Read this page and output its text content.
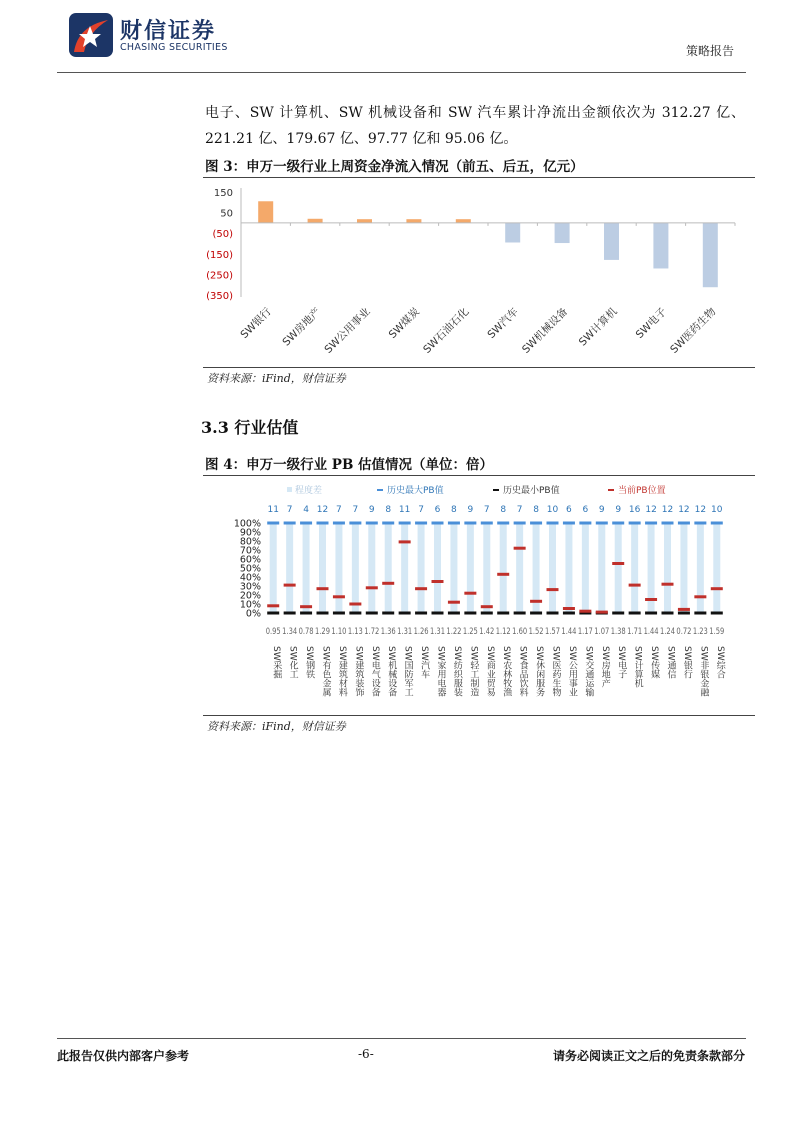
财信证券
CHASING SECURITIES	策略报告
电子、SW 计算机、SW 机械设备和 SW 汽车累计净流出金额依次为 312.27 亿、221.21 亿、179.67 亿、97.77 亿和 95.06 亿。
图 3：申万一级行业上周资金净流入情况（前五、后五，亿元）
150
50
(50)
(150)
(250)
(350)
SW银行 SW房地产 SW公用事业 SW煤炭 SW石油石化 SW汽车 SW机械设备 SW计算机 SW电子 SW医药生物
资料来源：iFind，财信证券
3.3 行业估值
图 4：申万一级行业 PB 估值情况（单位：倍）
程度差	历史最大PB值	历史最小PB值	当前PB位置
100%
90%
80%
70%
60%
50%
40%
30%
20%
10%
0%
11
0.95
SW采掘
7
1.34
SW化工
4
0.78
SW钢铁
12
1.29
SW有色金属
7
1.10
SW建筑材料
7
1.13
SW建筑装饰
9
1.72
SW电气设备
8
1.36
SW机械设备
11
1.31
SW国防军工
7
1.26
SW汽车
6
1.31
SW家用电器
8
1.22
SW纺织服装
9
1.25
SW轻工制造
7
1.42
SW商业贸易
8
1.12
SW农林牧渔
7
1.60
SW食品饮料
8
1.52
SW休闲服务
10
1.57
SW医药生物
6
1.44
SW公用事业
6
1.17
SW交通运输
9
1.07
SW房地产
9
1.38
SW电子
16
1.71
SW计算机
12
1.44
SW传媒
12
1.24
SW通信
12
0.72
SW银行
12
1.23
SW非银金融
10
1.59
SW综合
资料来源：iFind，财信证券
此报告仅供内部客户参考	-6-	请务必阅读正文之后的免责条款部分
